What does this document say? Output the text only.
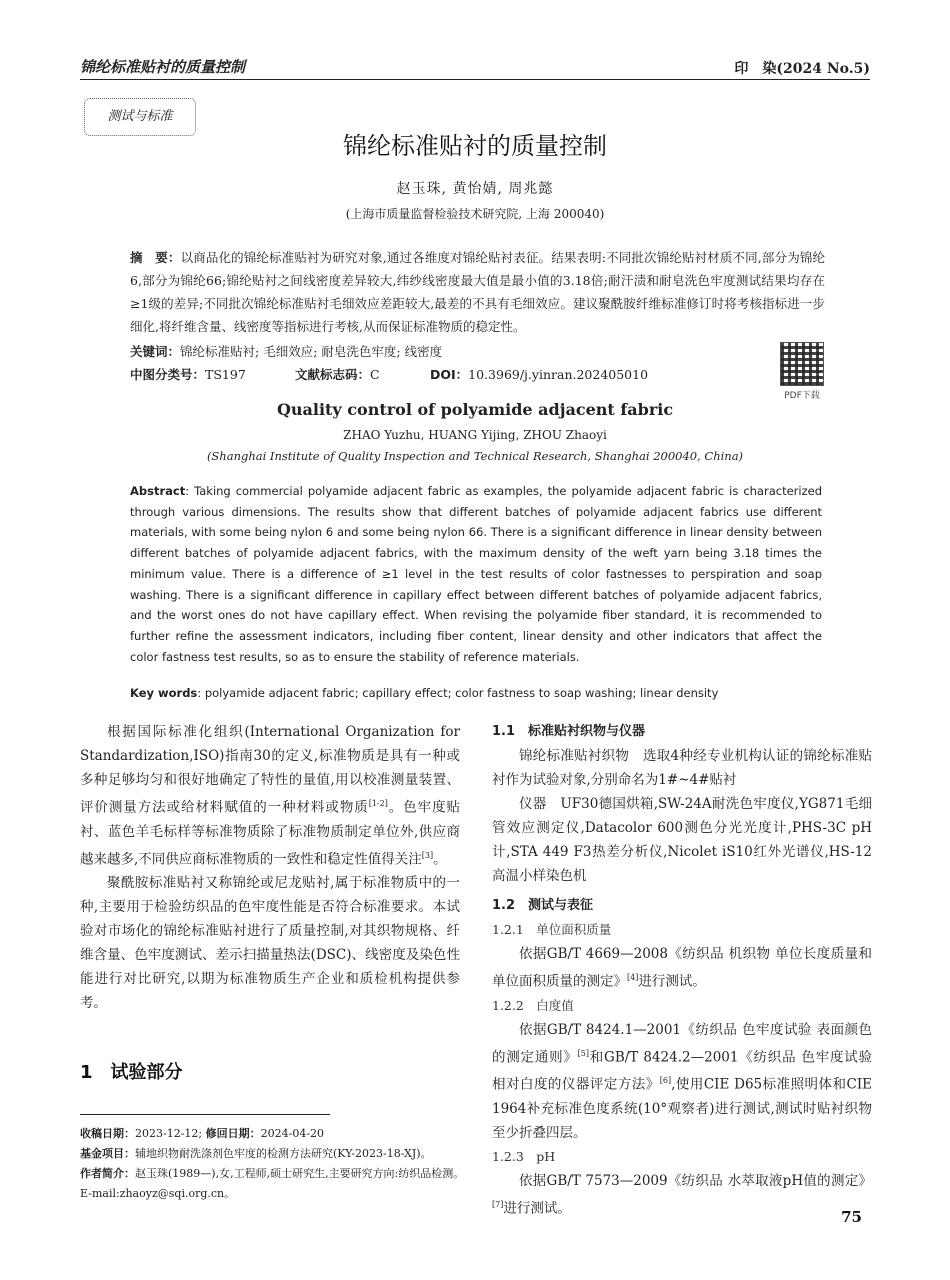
锦纶标准贴衬的质量控制	印　染(2024 No.5)
测试与标准
锦纶标准贴衬的质量控制
赵玉珠, 黄怡婧, 周兆懿
(上海市质量监督检验技术研究院, 上海 200040)
摘　要：以商品化的锦纶标准贴衬为研究对象,通过各维度对锦纶贴衬表征。结果表明:不同批次锦纶贴衬材质不同,部分为锦纶6,部分为锦纶66;锦纶贴衬之间线密度差异较大,纬纱线密度最大值是最小值的3.18倍;耐汗渍和耐皂洗色牢度测试结果均存在≥1级的差异;不同批次锦纶标准贴衬毛细效应差距较大,最差的不具有毛细效应。建议聚酰胺纤维标准修订时将考核指标进一步细化,将纤维含量、线密度等指标进行考核,从而保证标准物质的稳定性。
关键词：锦纶标准贴衬; 毛细效应; 耐皂洗色牢度; 线密度
中图分类号：TS197	文献标志码：C	DOI：10.3969/j.yinran.202405010
PDF下载
Quality control of polyamide adjacent fabric
ZHAO Yuzhu, HUANG Yijing, ZHOU Zhaoyi
(Shanghai Institute of Quality Inspection and Technical Research, Shanghai 200040, China)
Abstract: Taking commercial polyamide adjacent fabric as examples, the polyamide adjacent fabric is characterized through various dimensions. The results show that different batches of polyamide adjacent fabrics use different materials, with some being nylon 6 and some being nylon 66. There is a significant difference in linear density between different batches of polyamide adjacent fabrics, with the maximum density of the weft yarn being 3.18 times the minimum value. There is a difference of ≥1 level in the test results of color fastnesses to perspiration and soap washing. There is a significant difference in capillary effect between different batches of polyamide adjacent fabrics, and the worst ones do not have capillary effect. When revising the polyamide fiber standard, it is recommended to further refine the assessment indicators, including fiber content, linear density and other indicators that affect the color fastness test results, so as to ensure the stability of reference materials.
Key words: polyamide adjacent fabric; capillary effect; color fastness to soap washing; linear density

根据国际标准化组织(International Organization for Standardization,ISO)指南30的定义,标准物质是具有一种或多种足够均匀和很好地确定了特性的量值,用以校准测量装置、评价测量方法或给材料赋值的一种材料或物质[1-2]。色牢度贴衬、蓝色羊毛标样等标准物质除了标准物质制定单位外,供应商越来越多,不同供应商标准物质的一致性和稳定性值得关注[3]。

聚酰胺标准贴衬又称锦纶或尼龙贴衬,属于标准物质中的一种,主要用于检验纺织品的色牢度性能是否符合标准要求。本试验对市场化的锦纶标准贴衬进行了质量控制,对其织物规格、纤维含量、色牢度测试、差示扫描量热法(DSC)、线密度及染色性能进行对比研究,以期为标准物质生产企业和质检机构提供参考。

1　试验部分
收稿日期：2023-12-12; 修回日期：2024-04-20
基金项目：辅地织物耐洗涤剂色牢度的检测方法研究(KY-2023-18-XJ)。
作者简介：赵玉珠(1989—),女,工程师,硕士研究生,主要研究方向:纺织品检测。E-mail:zhaoyz@sqi.org.cn。

1.1　标准贴衬织物与仪器

锦纶标准贴衬织物　选取4种经专业机构认证的锦纶标准贴衬作为试验对象,分别命名为1#~4#贴衬

仪器　UF30德国烘箱,SW-24A耐洗色牢度仪,YG871毛细管效应测定仪,Datacolor 600测色分光光度计,PHS-3C pH计,STA 449 F3热差分析仪,Nicolet iS10红外光谱仪,HS-12高温小样染色机

1.2　测试与表征

1.2.1　单位面积质量

依据GB/T 4669—2008《纺织品 机织物 单位长度质量和单位面积质量的测定》[4]进行测试。

1.2.2　白度值

依据GB/T 8424.1—2001《纺织品 色牢度试验 表面颜色的测定通则》[5]和GB/T 8424.2—2001《纺织品 色牢度试验 相对白度的仪器评定方法》[6],使用CIE D65标准照明体和CIE 1964补充标准色度系统(10°观察者)进行测试,测试时贴衬织物至少折叠四层。

1.2.3　pH

依据GB/T 7573—2009《纺织品 水萃取液pH值的测定》[7]进行测试。	75
